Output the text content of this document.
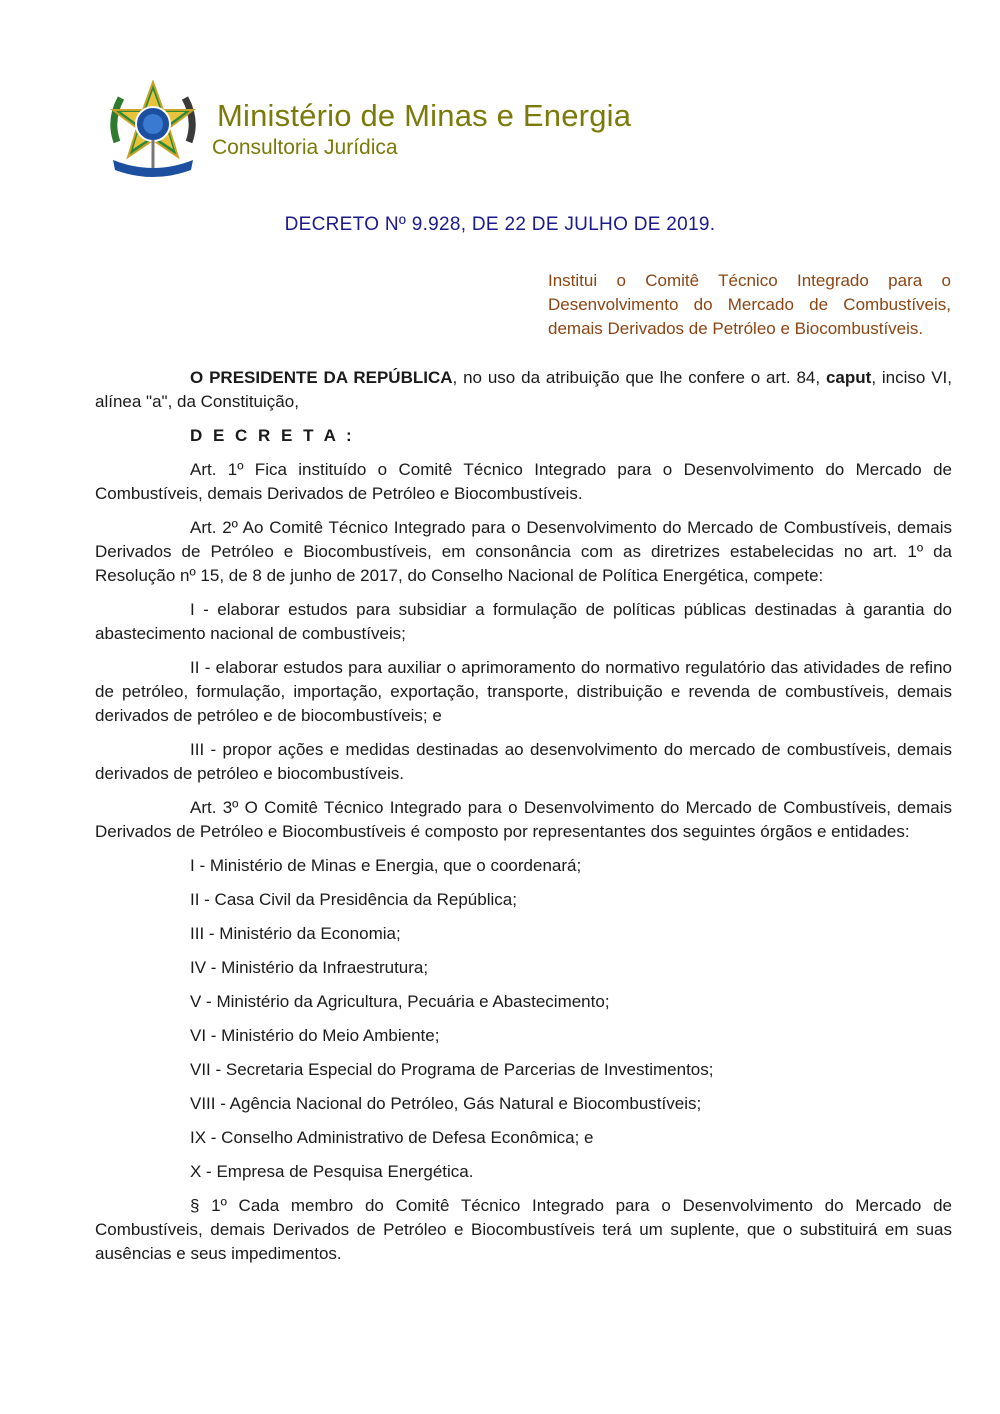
Ministério de Minas e Energia
Consultoria Jurídica
DECRETO Nº 9.928, DE 22 DE JULHO DE 2019.
Institui o Comitê Técnico Integrado para o Desenvolvimento do Mercado de Combustíveis, demais Derivados de Petróleo e Biocombustíveis.

O PRESIDENTE DA REPÚBLICA, no uso da atribuição que lhe confere o art. 84, caput, inciso VI, alínea "a", da Constituição,

D E C R E T A :

Art. 1º Fica instituído o Comitê Técnico Integrado para o Desenvolvimento do Mercado de Combustíveis, demais Derivados de Petróleo e Biocombustíveis.

Art. 2º Ao Comitê Técnico Integrado para o Desenvolvimento do Mercado de Combustíveis, demais Derivados de Petróleo e Biocombustíveis, em consonância com as diretrizes estabelecidas no art. 1º da Resolução nº 15, de 8 de junho de 2017, do Conselho Nacional de Política Energética, compete:

I - elaborar estudos para subsidiar a formulação de políticas públicas destinadas à garantia do abastecimento nacional de combustíveis;

II - elaborar estudos para auxiliar o aprimoramento do normativo regulatório das atividades de refino de petróleo, formulação, importação, exportação, transporte, distribuição e revenda de combustíveis, demais derivados de petróleo e de biocombustíveis; e

III - propor ações e medidas destinadas ao desenvolvimento do mercado de combustíveis, demais derivados de petróleo e biocombustíveis.

Art. 3º O Comitê Técnico Integrado para o Desenvolvimento do Mercado de Combustíveis, demais Derivados de Petróleo e Biocombustíveis é composto por representantes dos seguintes órgãos e entidades:

I - Ministério de Minas e Energia, que o coordenará;

II - Casa Civil da Presidência da República;

III - Ministério da Economia;

IV - Ministério da Infraestrutura;

V - Ministério da Agricultura, Pecuária e Abastecimento;

VI - Ministério do Meio Ambiente;

VII - Secretaria Especial do Programa de Parcerias de Investimentos;

VIII - Agência Nacional do Petróleo, Gás Natural e Biocombustíveis;

IX - Conselho Administrativo de Defesa Econômica; e

X - Empresa de Pesquisa Energética.

§ 1º Cada membro do Comitê Técnico Integrado para o Desenvolvimento do Mercado de Combustíveis, demais Derivados de Petróleo e Biocombustíveis terá um suplente, que o substituirá em suas ausências e seus impedimentos.
